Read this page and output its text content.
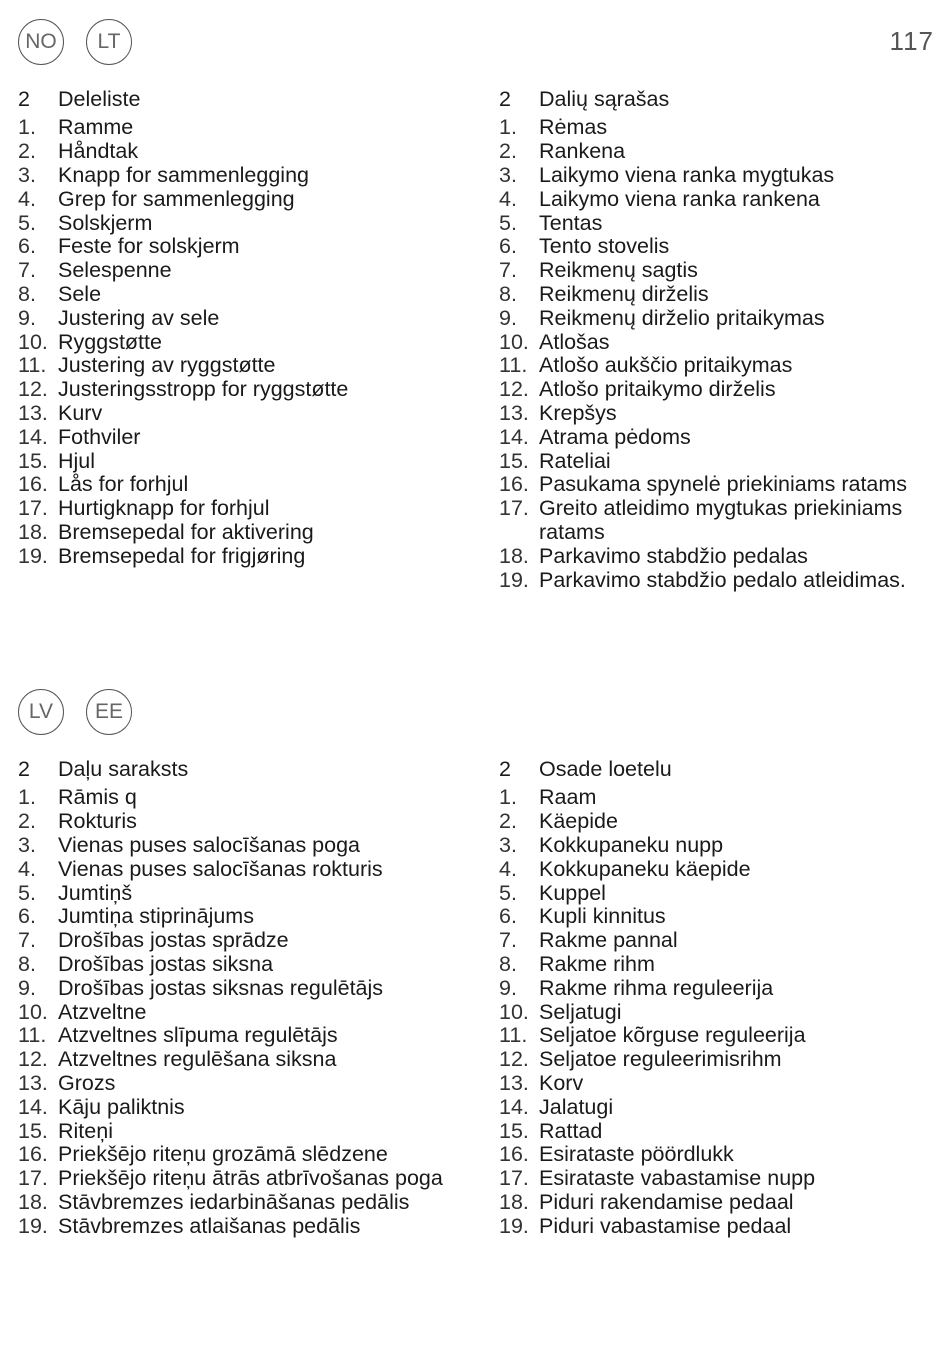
117
NO	LT
LV	EE
2	Deleliste
1.	Ramme
2.	Håndtak
3.	Knapp for sammenlegging
4.	Grep for sammenlegging
5.	Solskjerm
6.	Feste for solskjerm
7.	Selespenne
8.	Sele
9.	Justering av sele
10. Ryggstøtte
11. Justering av ryggstøtte
12. Justeringsstropp for ryggstøtte
13. Kurv
14. Fothviler
15. Hjul
16. Lås for forhjul
17. Hurtigknapp for forhjul
18. Bremsepedal for aktivering
19. Bremsepedal for frigjøring
2	Dalių sąrašas
1.	Rėmas
2.	Rankena
3.	Laikymo viena ranka mygtukas
4.	Laikymo viena ranka rankena
5.	Tentas
6.	Tento stovelis
7.	Reikmenų sagtis
8.	Reikmenų dirželis
9.	Reikmenų dirželio pritaikymas
10. Atlošas
11. Atlošo aukščio pritaikymas
12. Atlošo pritaikymo dirželis
13. Krepšys
14. Atrama pėdoms
15. Rateliai
16. Pasukama spynelė priekiniams ratams
17. Greito atleidimo mygtukas priekiniams ratams
18. Parkavimo stabdžio pedalas
19. Parkavimo stabdžio pedalo atleidimas.
2	Daļu saraksts
1.	Rāmis q
2.	Rokturis
3.	Vienas puses salocīšanas poga
4.	Vienas puses salocīšanas rokturis
5.	Jumtiņš
6.	Jumtiņa stiprinājums
7.	Drošības jostas sprādze
8.	Drošības jostas siksna
9.	Drošības jostas siksnas regulētājs
10. Atzveltne
11. Atzveltnes slīpuma regulētājs
12. Atzveltnes regulēšana siksna
13. Grozs
14. Kāju paliktnis
15. Riteņi
16. Priekšējo riteņu grozāmā slēdzene
17. Priekšējo riteņu ātrās atbrīvošanas poga
18. Stāvbremzes iedarbināšanas pedālis
19. Stāvbremzes atlaišanas pedālis
2	Osade loetelu
1.	Raam
2.	Käepide
3.	Kokkupaneku nupp
4.	Kokkupaneku käepide
5.	Kuppel
6.	Kupli kinnitus
7.	Rakme pannal
8.	Rakme rihm
9.	Rakme rihma reguleerija
10. Seljatugi
11. Seljatoe kõrguse reguleerija
12. Seljatoe reguleerimisrihm
13. Korv
14. Jalatugi
15. Rattad
16. Esirataste pöördlukk
17. Esirataste vabastamise nupp
18. Piduri rakendamise pedaal
19. Piduri vabastamise pedaal
